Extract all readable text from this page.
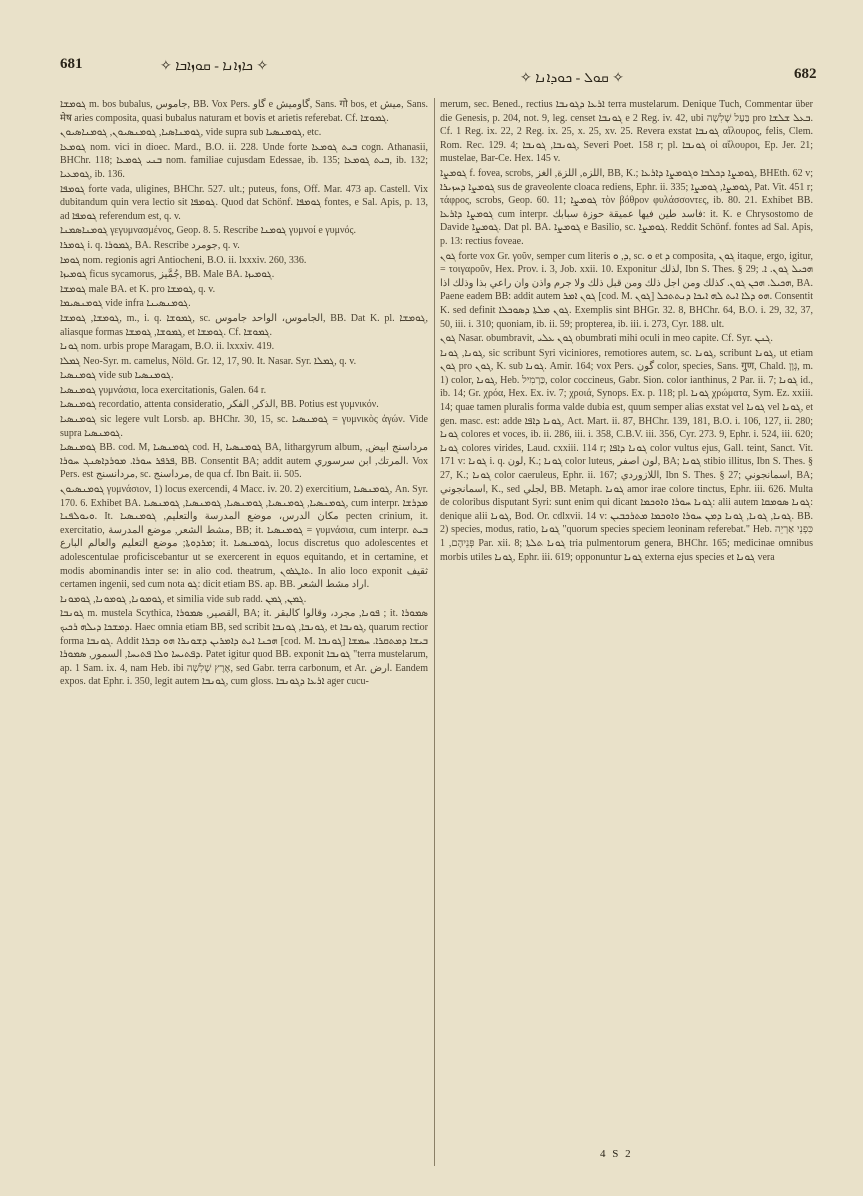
681	✧ ܟܐܙܐܢܐ - ܩܘܙܐܒܐ ✧
✧ ܩܘܠ - ܟܘܕܐܢܐ ✧	682

ܓܘܡܫܐ m. bos bubalus, جاموس, BB. Vox Pers. گاو e گاوميش, Sans. गो bos, et ميش, Sans. मेष aries composita, quasi bubalus naturam et bovis et arietis referebat. Cf. ܓܡܘܫܐ.

ܓܘܡܢܐܣܝܐ, ܓܘܡܢܣܝܘܢ, ܓܘܡܢܐܣܝܘܢ, vide supra sub ܓܘܡܢܣܝܐ, etc.

ܓܘܡܥܐ nom. vici in dioec. Mard., B.O. ii. 228. Unde forte ܒܝܬ ܓܘܡܥܐ cogn. Athanasii, BHChr. 118; ܒܢܝ ܓܘܡܥܐ nom. familiae cujusdam Edessae, ib. 135; ܒܝܬ ܓܘܡܥܐ, ib. 132; ܓܘܡܥܝܐ, ib. 136.

ܓܘܡܦܐ forte vada, uligines, BHChr. 527. ult.; puteus, fons, Off. Mar. 473 ap. Castell. Vix dubitandum quin vera lectio sit ܓܘܡܦܐ. Quod dat Schönf. ܓܘܡܦܐ fontes, e Sal. Apis, p. 13, ad ܓܘܡܦܐ referendum est, q. v.

ܓܘܡܢܐܣܡܢܐ γεγυμνασμένος, Geop. 8. 5. Rescribe ܓܘܡܢܐ γυμνοί e γυμνός.

ܓܘܡܪܐ i. q. ܓܡܘܪܐ, BA. Rescribe جومرد, q. v.

ܓܘܡܐ nom. regionis agri Antiocheni, B.O. ii. lxxxiv. 260, 336.

ܓܘܡܝܙܐ ficus sycamorus, جُمَّيز, BB. Male BA. ܓܘܡܝܙܐ.

ܓܘܡܫܐ male BA. et K. pro ܓܘܡܫܐ, q. v.

ܓܘܡܢܣܝܡܐ vide infra ܓܘܡܢܣܝܢܐ.

ܓܘܡܫܐ, ܓܘܡܫܐ, m., i. q. ܓܡܘܫܐ, sc. الجاموس، الواحد جاموس, BB. Dat K. pl. ܓܘܡܫܐ, aliasque formas ܓܡܘܫܐ, ܓܘܡܫܐ, et ܓܘܡܫܐ. Cf. ܓܡܘܫܐ.

ܓܘܢܐ nom. urbis prope Maragam, B.O. ii. lxxxiv. 419.

ܓܡܠܐ Neo-Syr. m. camelus, Nöld. Gr. 12, 17, 90. It. Nasar. Syr. ܓܡܠܐ, q. v.

ܓܘܡܢܣܝܐ vide sub ܓܘܡܢܣܝܐ.

ܓܘܡܢܣܝܐ γυμνάσια, loca exercitationis, Galen. 64 r.

ܓܘܡܢܣܝܐ recordatio, attenta consideratio, الذكر, الفكر, BB. Potius est γυμνικόν.

ܓܘܡܢܣܝܐ sic legere vult Lorsb. ap. BHChr. 30, 15, sc. ܓܘܡܢܣܝܐ = γυμνικὸς ἀγών. Vide supra ܓܘܡܢܣܝܐ.

ܓܘܡܢܣܝܐ BB. cod. M, ܓܘܡܢܣܝܐ cod. H, ܓܘܡܢܣܝܐ BA, lithargyrum album, مرداسنج ابيض, ܦܪܦܪ ܚܘܪܐ. ܡܘܪܕܐܣܢܓ ܚܘܪܐ, BB. Consentit BA; addit autem المرتك, ابن سرسوري. Vox Pers. est مردانسنج, sc. مرداسنج, de qua cf. Ibn Bait. ii. 505.

ܓܘܡܢܣܝܘܢ γυμνάσιον, 1) locus exercendi, 4 Macc. iv. 20. 2) exercitium, ܓܘܡܢܣܝܐ, An. Syr. 170. 6. Exhibet BA. ܓܘܡܢܣܝܐ, ܓܘܡܢܣܝܐ, ܓܘܡܢܣܝܐ, ܓܘܡܢܣܝܐ, ܓܘܡܢܣܝܐ, cum interpr. ܡܕܪܫܐ ܘܝܘܠܦܢܐ. It. مكان الدرس، موضع المدرسة والتعليم, ܓܘܡܢܣܝܐ pecten crinium, it. exercitatio, مشط الشعر, موضع المدرسة, BB; it. ܓܘܡܢܣܝܐ = γυμνάσια, cum interpr. ܒܝܬ ܡܪܕܘܬܐ; موضع التعليم والعالم البارع; it. ܓܘܡܢܣܝܐ, locus discretus quo adolescentes et adolescentulae proficiscebantur ut se exercerent in equos equitando, et in certamine, et modis abominandis inter se: in alio cod. theatrum, ܬܐܛܪܘܢ. In alio loco exponit ثقيف certamen ingenii, sed cum nota ܓܘ: dicit etiam BS. ap. BB. اراد مشط الشعر.

ܓܘܡܘܢܐ, ܓܘܡܘܢܐ, ܓܘܡܘܢܐ, et similia vide sub radd. ܓܡܢ, ܓܡܢ.

ܓܘܢܒܐ m. mustela Scythica, القصير, ܣܡܘܪܐ, BA; it. ܦܘܢܐ, مجرد، وقالوا كالبقر ; it. ܣܡܘܪܐ ܕܡܫܟܐ ܕܝܠܗ ܪܟܝܟ. Haec omnia etiam BB, sed scribit ܓܘܢܒܐ, ܓܘܢܒܐ, et ܓܘܢܒܐ, quarum rectior forma ܓܘܢܒܐ. Addit ܗܟܢܐ ܐܝܬ ܕܐܡܪܝܢ ܕܫܘܢܪܐ ܗܘ ܕܒܪܐ [cod. M. ܓܘܢܒܐ] ܒܝܫܐ ܕܡܬܩܪܐ. ܚܡܫܐ ܕܦܬܝܚܐ ܘܠܐ ܦܬܝܚܐ, السمور, ܣܡܘܪܐ. Patet igitur quod BB. exponit ܓܘܢܒܐ "terra mustelarum, ap. 1 Sam. ix. 4, nam Heb. ibi אֶרֶץ שָׁלִשָׁה, sed Gabr. terra carbonum, et Ar. ارض. Eandem expos. dat Ephr. i. 350, legit autem ܓܘܢܒܐ, cum gloss. ܐܪܥܐ ܕܓܘܢܒܐ ager cucu-

merum, sec. Bened., rectius ܐܪܥܐ ܕܓܘܢܒܐ terra mustelarum. Denique Tuch, Commentar über die Genesis, p. 204, not. 9, leg. censet ܓܘܢܒܐ e 2 Reg. iv. 42, ubi בַּעַל שָׁלִשָׁה pro ܒܥܠ ܫܠܫܐ. Cf. 1 Reg. ix. 22, 2 Reg. ix. 25, x. 25, xv. 25. Revera exstat ܓܘܢܒܐ αἴλουρος, felis, Clem. Rom. Rec. 129. 4; ܓܘܢܒܐ, ܓܘܢܒܐ, Severi Poet. 158 r; pl. ܓܘܢܒܐ οἱ αἴλουροι, Ep. Jer. 21; mustelae, Bar-Ce. Hex. 145 v.

ܓܘܡܨܐ f. fovea, scrobs, اللزه, اللزة, الغز, BB, K.; ܓܘܡܨܐ ܕܟܠܒܐ ܘܓܘܡܨܐ ܕܐܪܥܐ, BHEth. 62 v; ܓܘܡܨܐ ܕܚܙܝܪܐ sus de graveolente cloaca rediens, Ephr. ii. 335; ܓܘܡܨܐ, ܓܘܡܨܐ, Pat. Vit. 451 r; τάφρος, scrobs, Geop. 60. 11; ܓܘܡܨܐ τὸν βόθρον φυλάσσοντες, ib. 80. 21. Exhibet BB. ܓܘܡܨܐ ܕܐܪܥܐ cum interpr. فاسد طين فيها عميقة حوزة سبابك: it. K. e Chrysostomo de Davide ܓܘܡܨܐ. Dat pl. BA. ܓܘܡܨܐ e Basilio, sc. ܓܘܡܨܐ. Reddit Schönf. fontes ad Sal. Apis, p. 13: rectius foveae.

ܓܘܢ forte vox Gr. γοῦν, semper cum literis ܕ, ܘ, sc. ܘ et ܕ composita, ܓܘܢ itaque, ergo, igitur, = τοιγαροῦν, Hex. Prov. i. 3, Job. xxii. 10. Exponitur لذلك, Ibn S. Thes. § 29; ܗܟܝܠ ܓܘܢ. ܐ. ܗܟܝܠ. ܗܟܢ ܓܘܢ. كذلك ومن اجل ذلك ومن قبل ذلك ولا جرم واذن وان راعي بذا وذلك اذا, BA. Paene eadem BB: addit autem ܓܘܢ ܐܡܪ [cod. M. ܓܘܢ] ܗܘ ܕܠܐ ܐܝܬ ܠܗ ܐܝܟܐ ܕܢܬܬܟܠ. Consentit K. sed definit ܓܘܢ ܡܠܬܐ ܕܣܘܟܠܐ. Exemplis sint BHGr. 32. 8, BHChr. 64, B.O. i. 29, 32, 37, 50, iii. i. 310; quoniam, ib. ii. 59; propterea, ib. iii. i. 273, Cyr. 188. ult.

ܓܘܢ Nasar. obumbravit, ܓܘܢ ܥܠܝ obumbrati mihi oculi in meo capite. Cf. Syr. ܓܢܢ.

ܓܘܢܐ, ܓܘܢܐ, sic scribunt Syri viciniores, remotiores autem, sc. ܓܘܢܐ, scribunt ܓܘܢܐ, ut etiam ܓܘܢ pro ܓܘܢ, K. sub ܓܘܢܐ. Amir. 164; vox Pers. گون color, species, Sans. गुण, Chald. גְּוָן, m. 1) color, ܓܘܢܐ, Heb. כַּרְמִיל, color coccineus, Gabr. Sion. color ianthinus, 2 Par. ii. 7; ܓܘܢܐ id., ib. 14; Gr. χρόα, Hex. Ex. iv. 7; χροιά, Synops. Ex. p. 118; pl. ܓܘܢܐ χρώματα, Sym. Ez. xxiii. 14; quae tamen pluralis forma valde dubia est, quum semper alias exstat vel ܓܘܢܐ vel ܓܘܢܐ, et gen. masc. est: adde ܓܘܢܐ ܕܐܦܐ, Act. Mart. ii. 87, BHChr. 139, 181, B.O. i. 106, 127, ii. 280; ܓܘܢܐ colores et voces, ib. ii. 286, iii. i. 358, C.B.V. iii. 356, Cyr. 273. 9, Ephr. i. 524, iii. 620; ܓܘܢܐ colores virides, Laud. cxxiii. 114 r; ܓܘܢܐ ܕܐܦܐ color vultus ejus, Gall. teint, Sanct. Vit. 171 v: ܓܘܢܐ i. q. لون, K.; ܓܘܢܐ color luteus, لون اصفر, BA; ܓܘܢܐ stibio illitus, Ibn S. Thes. § 27, K.; ܓܘܢܐ color caeruleus, Ephr. ii. 167; اللازوردي, Ibn S. Thes. § 27; اسمانجوني, BA; اسمانجوني, K., sed لجلي, BB. Metaph. ܓܘܢܐ amor irae colore tinctus, Ephr. iii. 626. Multa de coloribus disputant Syri: sunt enim qui dicant ܓܘܢܐ ܚܘܪܐ ܘܐܘܟܡܐ: alii autem ܓܘܢܐ ܣܘܡܩܐ: denique alii ܓܘܢܐ, Bod. Or. cdlxvii. 14 v: ܓܘܢܐ, ܓܘܢܐ, ܓܘܢܐ ܕܡܢ ܚܘܪܐ ܘܐܘܟܡܐ ܡܬܪܟܒܝܢ. BB. 2) species, modus, ratio, ܓܘܢܐ "quorum species speciem leoninam referebat." Heb. כִּפְנֵי אַרְיֵה פְּנֵיהֶם, 1 Par. xii. 8; ܓܘܢܐ ܬܠܬܐ tria pulmentorum genera, BHChr. 165; medicinae omnibus morbis utiles ܓܘܢܐ, Ephr. iii. 619; opponuntur ܓܘܢܐ externa ejus species et ܓܘܢܐ vera

4 S 2
